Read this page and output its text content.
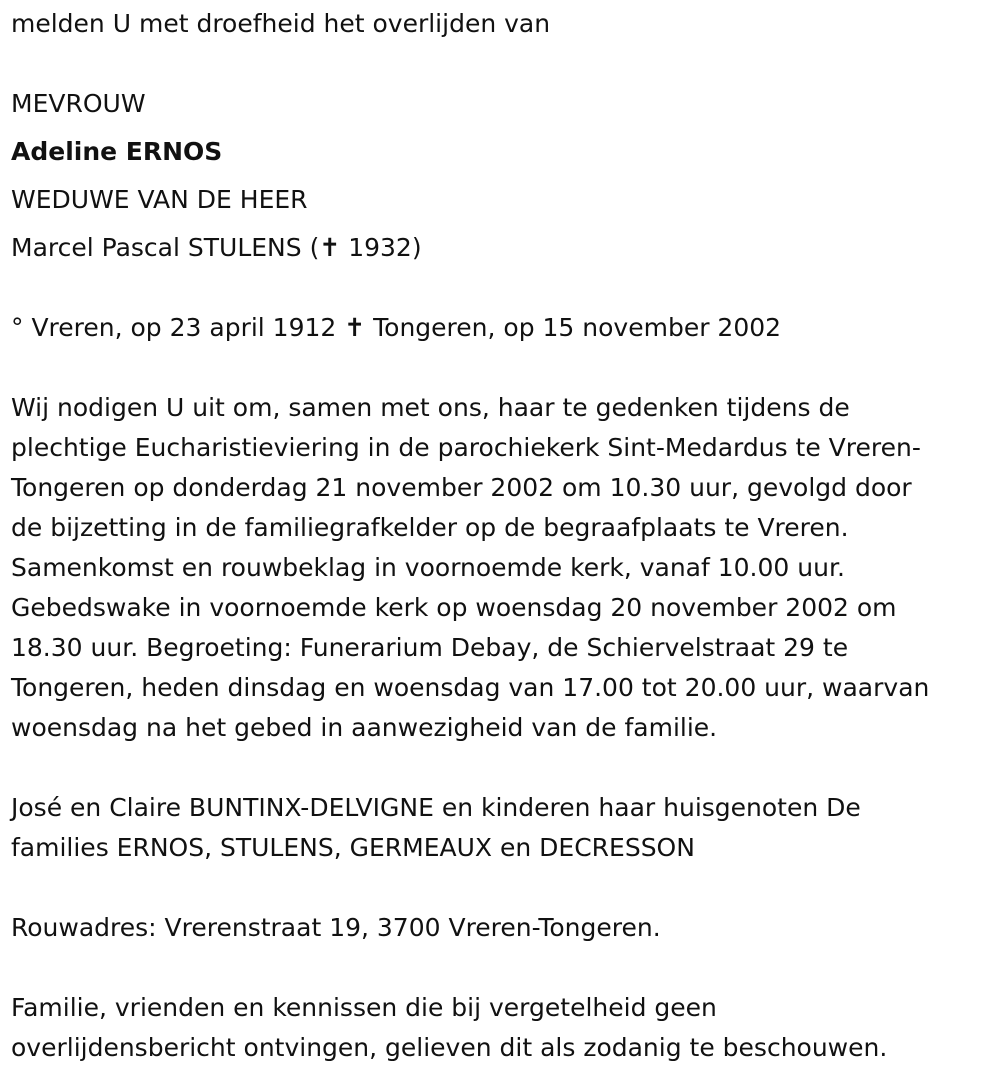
melden U met droefheid het overlijden van

MEVROUW

Adeline ERNOS

WEDUWE VAN DE HEER

Marcel Pascal STULENS (✝ 1932)

° Vreren, op 23 april 1912 ✝ Tongeren, op 15 november 2002

Wij nodigen U uit om, samen met ons, haar te gedenken tijdens de
plechtige Eucharistieviering in de parochiekerk Sint-Medardus te Vreren-
Tongeren op donderdag 21 november 2002 om 10.30 uur, gevolgd door
de bijzetting in de familiegrafkelder op de begraafplaats te Vreren.
Samenkomst en rouwbeklag in voornoemde kerk, vanaf 10.00 uur.
Gebedswake in voornoemde kerk op woensdag 20 november 2002 om
18.30 uur. Begroeting: Funerarium Debay, de Schiervelstraat 29 te
Tongeren, heden dinsdag en woensdag van 17.00 tot 20.00 uur, waarvan
woensdag na het gebed in aanwezigheid van de familie.

José en Claire BUNTINX-DELVIGNE en kinderen haar huisgenoten De
families ERNOS, STULENS, GERMEAUX en DECRESSON

Rouwadres: Vrerenstraat 19, 3700 Vreren-Tongeren.

Familie, vrienden en kennissen die bij vergetelheid geen
overlijdensbericht ontvingen, gelieven dit als zodanig te beschouwen.
